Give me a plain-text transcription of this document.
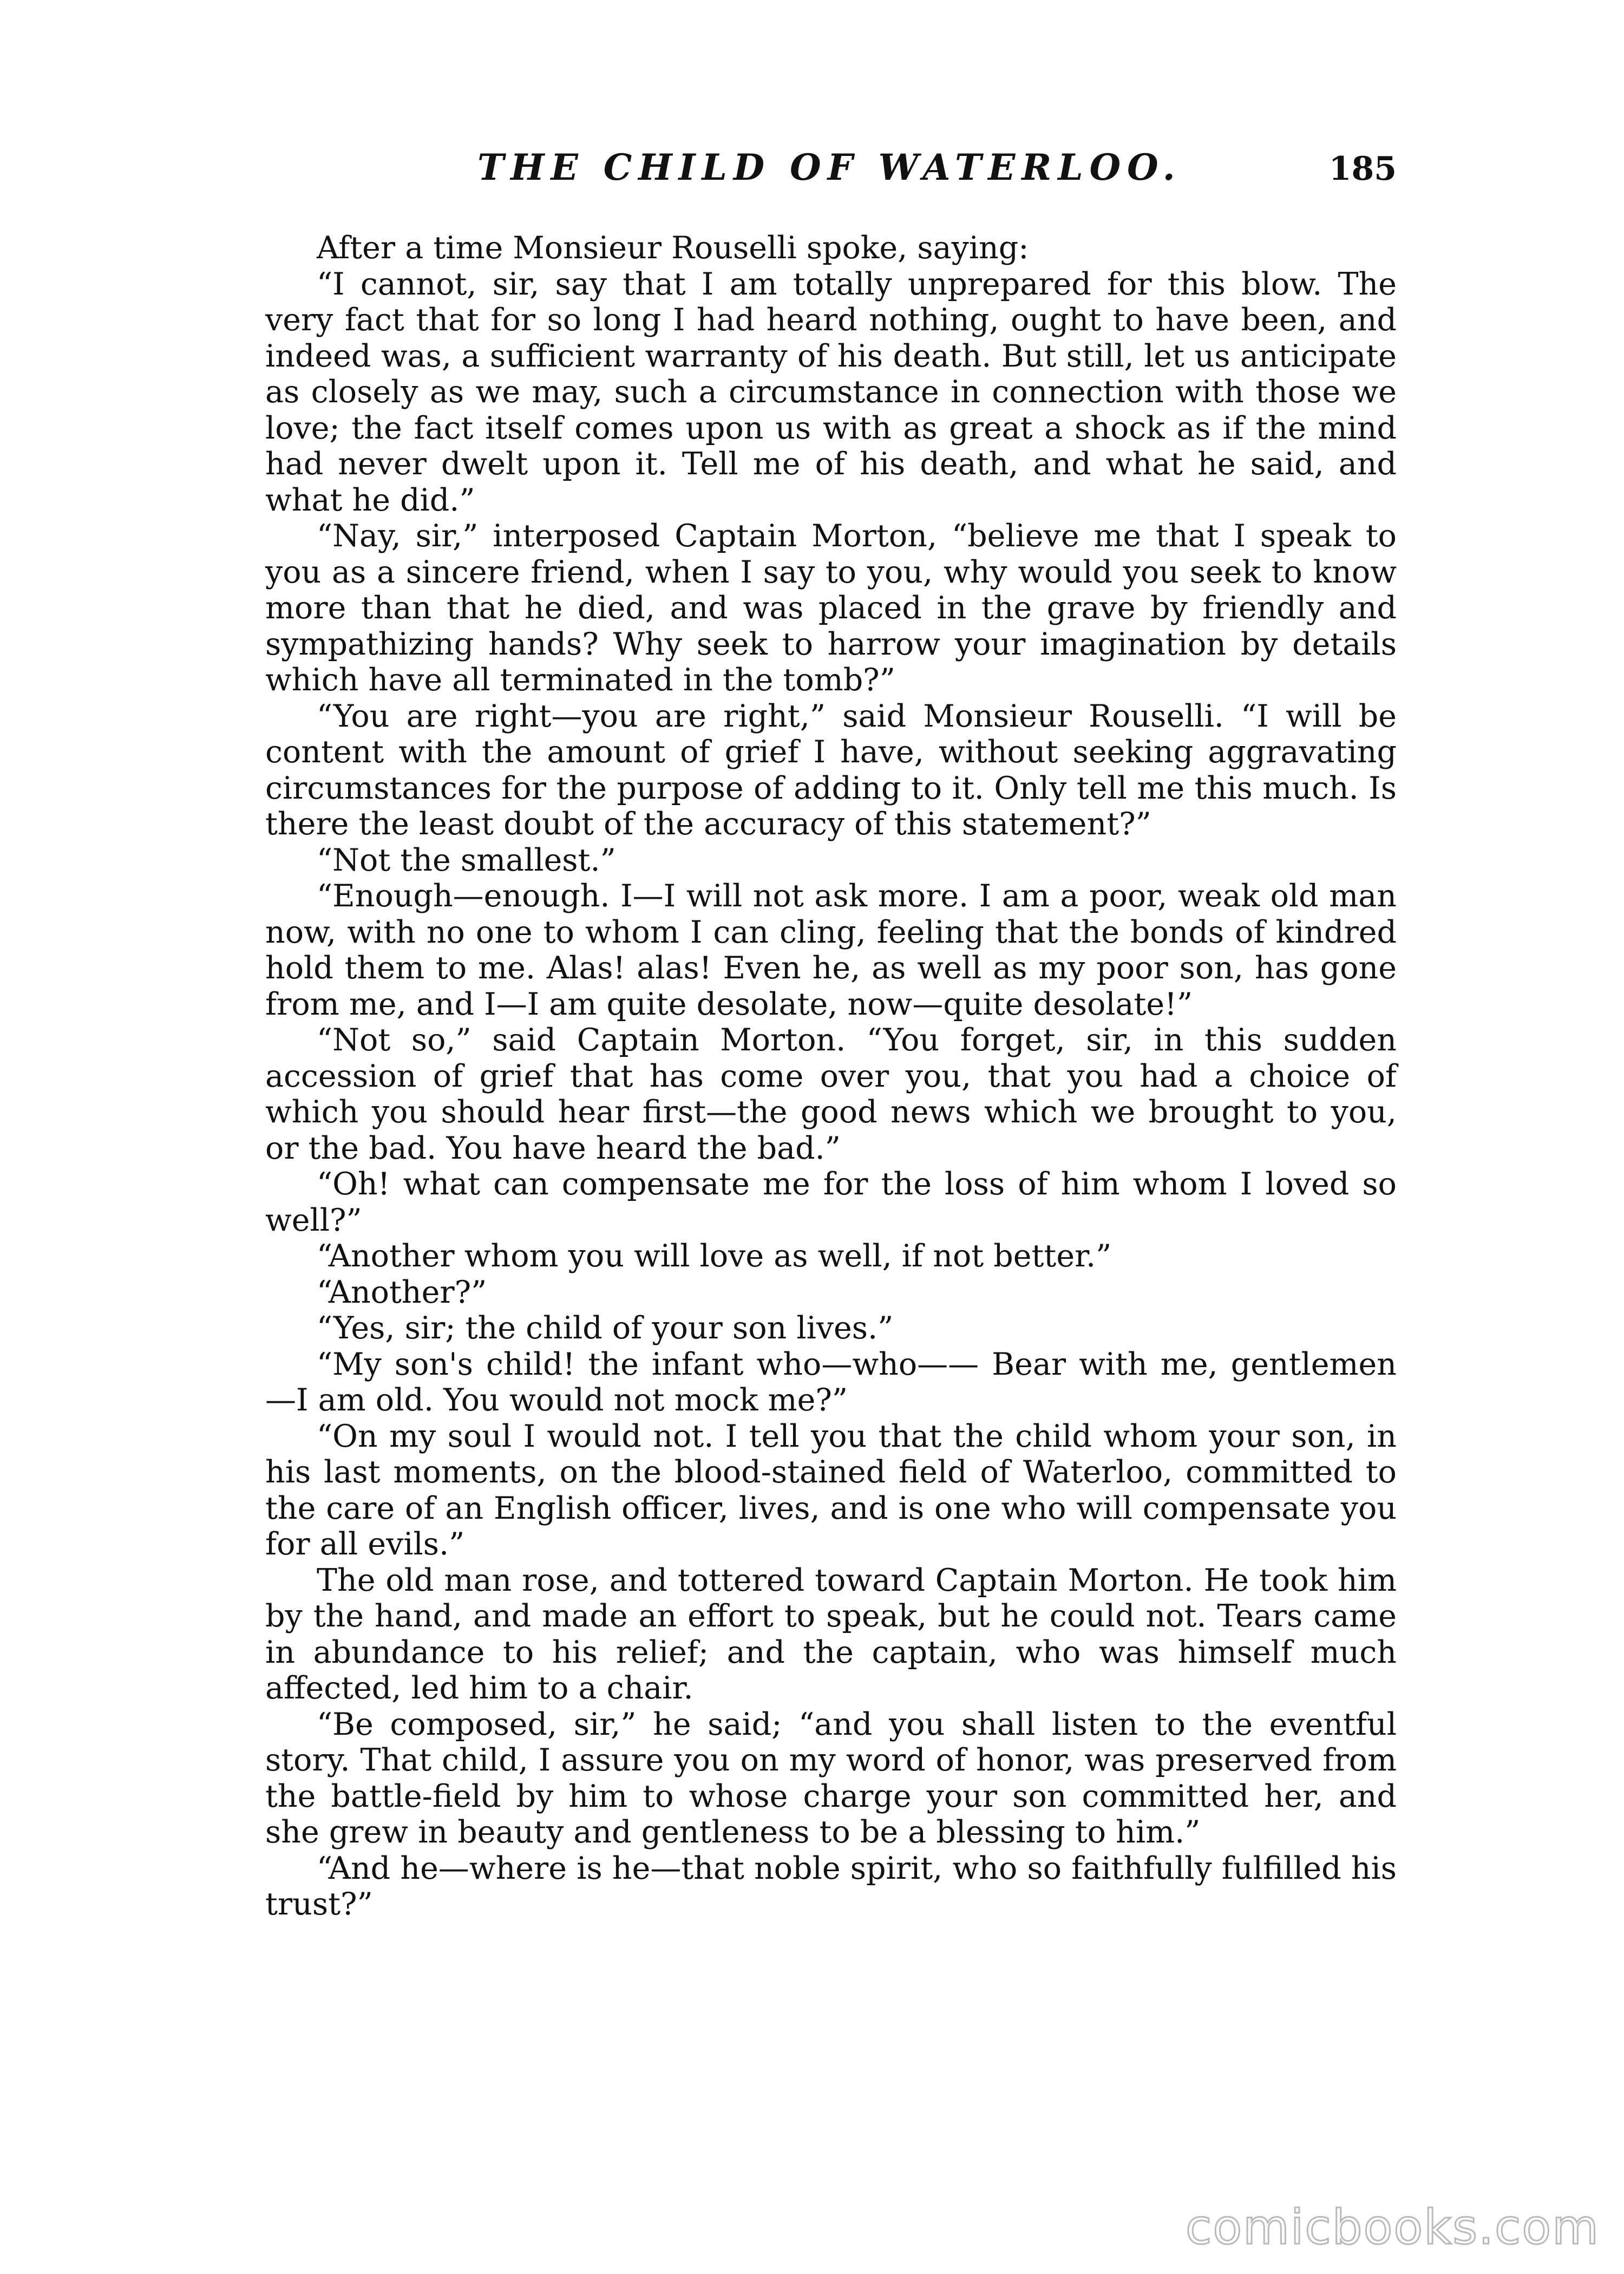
THE CHILD OF WATERLOO.	185

After a time Monsieur Rouselli spoke, saying:

“I cannot, sir, say that I am totally unprepared for this blow. The very fact that for so long I had heard nothing, ought to have been, and indeed was, a sufficient warranty of his death. But still, let us anticipate as closely as we may, such a circumstance in connection with those we love; the fact itself comes upon us with as great a shock as if the mind had never dwelt upon it. Tell me of his death, and what he said, and what he did.”

“Nay, sir,” interposed Captain Morton, “believe me that I speak to you as a sincere friend, when I say to you, why would you seek to know more than that he died, and was placed in the grave by friendly and sympathizing hands? Why seek to harrow your imagination by details which have all terminated in the tomb?”

“You are right—you are right,” said Monsieur Rouselli. “I will be content with the amount of grief I have, without seeking aggravating circumstances for the purpose of adding to it. Only tell me this much. Is there the least doubt of the accuracy of this statement?”

“Not the smallest.”

“Enough—enough. I—I will not ask more. I am a poor, weak old man now, with no one to whom I can cling, feeling that the bonds of kindred hold them to me. Alas! alas! Even he, as well as my poor son, has gone from me, and I—I am quite desolate, now—quite desolate!”

“Not so,” said Captain Morton. “You forget, sir, in this sudden accession of grief that has come over you, that you had a choice of which you should hear first—the good news which we brought to you, or the bad. You have heard the bad.”

“Oh! what can compensate me for the loss of him whom I loved so well?”

“Another whom you will love as well, if not better.”

“Another?”

“Yes, sir; the child of your son lives.”

“My son's child! the infant who—who—— Bear with me, gentlemen—I am old. You would not mock me?”

“On my soul I would not. I tell you that the child whom your son, in his last moments, on the blood-stained field of Waterloo, committed to the care of an English officer, lives, and is one who will compensate you for all evils.”

The old man rose, and tottered toward Captain Morton. He took him by the hand, and made an effort to speak, but he could not. Tears came in abundance to his relief; and the captain, who was himself much affected, led him to a chair.

“Be composed, sir,” he said; “and you shall listen to the eventful story. That child, I assure you on my word of honor, was preserved from the battle-field by him to whose charge your son committed her, and she grew in beauty and gentleness to be a blessing to him.”

“And he—where is he—that noble spirit, who so faithfully fulfilled his trust?”

comicbooks.com
